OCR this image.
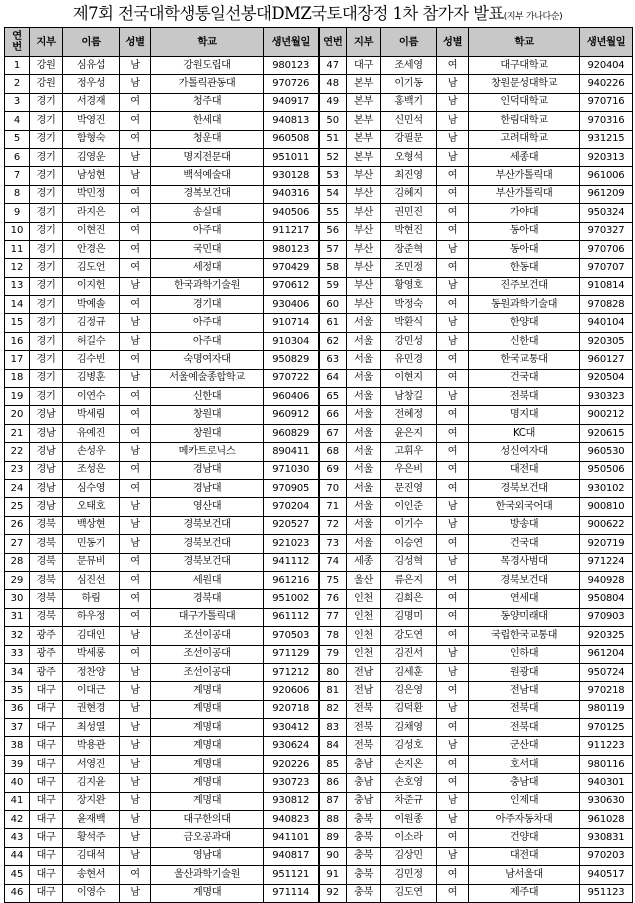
제7회 전국대학생통일선봉대DMZ국토대장정 1차 참가자 발표(지부 가나다순)
연
번	지부	이름	성별	학교	생년월일	연번	지부	이름	성별	학교	생년월일
1	강원	심유섭	남	강원도립대	980123	47	대구	조세영	여	대구대학교	920404
2	강원	정우성	남	가톨릭관동대	970726	48	본부	이기동	남	창원문성대학교	940226
3	경기	서경재	여	청주대	940917	49	본부	홍백기	남	인덕대학교	970716
4	경기	박영진	여	한세대	940813	50	본부	신민석	남	한림대학교	970316
5	경기	함형숙	여	청운대	960508	51	본부	강필문	남	고려대학교	931215
6	경기	김영운	남	명지전문대	951011	52	본부	오형석	남	세종대	920313
7	경기	남성현	남	백석예술대	930128	53	부산	최진영	여	부산가톨릭대	961006
8	경기	박민정	여	경복보건대	940316	54	부산	김혜지	여	부산가톨릭대	961209
9	경기	라지은	여	송실대	940506	55	부산	권민진	여	가야대	950324
10	경기	이현진	여	아주대	911217	56	부산	박현진	여	동아대	970327
11	경기	안경은	여	국민대	980123	57	부산	장준혁	남	동아대	970706
12	경기	김도언	여	세정대	970429	58	부산	조민정	여	한동대	970707
13	경기	이지헌	남	한국과학기술원	970612	59	부산	황영호	남	진주보건대	910814
14	경기	박예솔	여	경기대	930406	60	부산	박정숙	여	동원과학기술대	970828
15	경기	김정규	남	아주대	910714	61	서울	박환식	남	한양대	940104
16	경기	허길수	남	아주대	910304	62	서울	강민성	남	신한대	920305
17	경기	김수빈	여	숙명여자대	950829	63	서울	유민경	여	한국교통대	960127
18	경기	김병훈	남	서울예술종합학교	970722	64	서울	이현지	여	건국대	920504
19	경기	이연수	여	신한대	960406	65	서울	남창길	남	전북대	930323
20	경남	박세림	여	창원대	960912	66	서울	전혜정	여	명지대	900212
21	경남	유예진	여	창원대	960829	67	서울	윤은지	여	KC대	920615
22	경남	손성우	남	메카트로닉스	890411	68	서울	고휘우	여	성신여자대	960530
23	경남	조성은	여	경남대	971030	69	서울	우은비	여	대전대	950506
24	경남	심수영	여	경남대	970905	70	서울	문진영	여	경북보건대	930102
25	경남	오태호	남	영산대	970204	71	서울	이인준	남	한국외국어대	900810
26	경북	백상현	남	경북보건대	920527	72	서울	이기수	남	방송대	900622
27	경북	민동기	남	경북보건대	921023	73	서울	이승연	여	건국대	920719
28	경북	문뮤비	여	경북보건대	941112	74	세종	김성혁	남	목경사범대	971224
29	경북	심진선	여	세원대	961216	75	울산	류은지	여	경북보건대	940928
30	경북	하림	여	경북대	951002	76	인천	김희은	여	연세대	950804
31	경북	하우정	여	대구가톨릭대	961112	77	인천	김명미	여	동양미래대	970903
32	광주	김대인	남	조선이공대	970503	78	인천	강도연	여	국립한국교통대	920325
33	광주	박세롱	여	조선이공대	971129	79	인천	김진서	남	인하대	961204
34	광주	정찬양	남	조선이공대	971212	80	전남	김세훈	남	원광대	950724
35	대구	이대근	남	계명대	920606	81	전남	김은영	여	전남대	970218
36	대구	권현경	남	계명대	920718	82	전북	김덕환	남	전북대	980119
37	대구	최성열	남	계명대	930412	83	전북	김채영	여	전북대	970125
38	대구	박용관	남	계명대	930624	84	전북	김성호	남	군산대	911223
39	대구	서영진	남	계명대	920226	85	충남	손지온	여	호서대	980116
40	대구	김지윤	남	계명대	930723	86	충남	손호영	여	충남대	940301
41	대구	장지완	남	계명대	930812	87	충남	차준규	남	인제대	930630
42	대구	윤재백	남	대구한의대	940823	88	충북	이원종	남	아주자동차대	961028
43	대구	황석주	남	금오공과대	941101	89	충북	이소라	여	건양대	930831
44	대구	김대석	남	영남대	940817	90	충북	김상민	남	대전대	970203
45	대구	송현서	여	울산과학기술원	951121	91	충북	김민정	여	남서울대	940517
46	대구	이영수	남	계명대	971114	92	충북	김도연	여	제주대	951123
